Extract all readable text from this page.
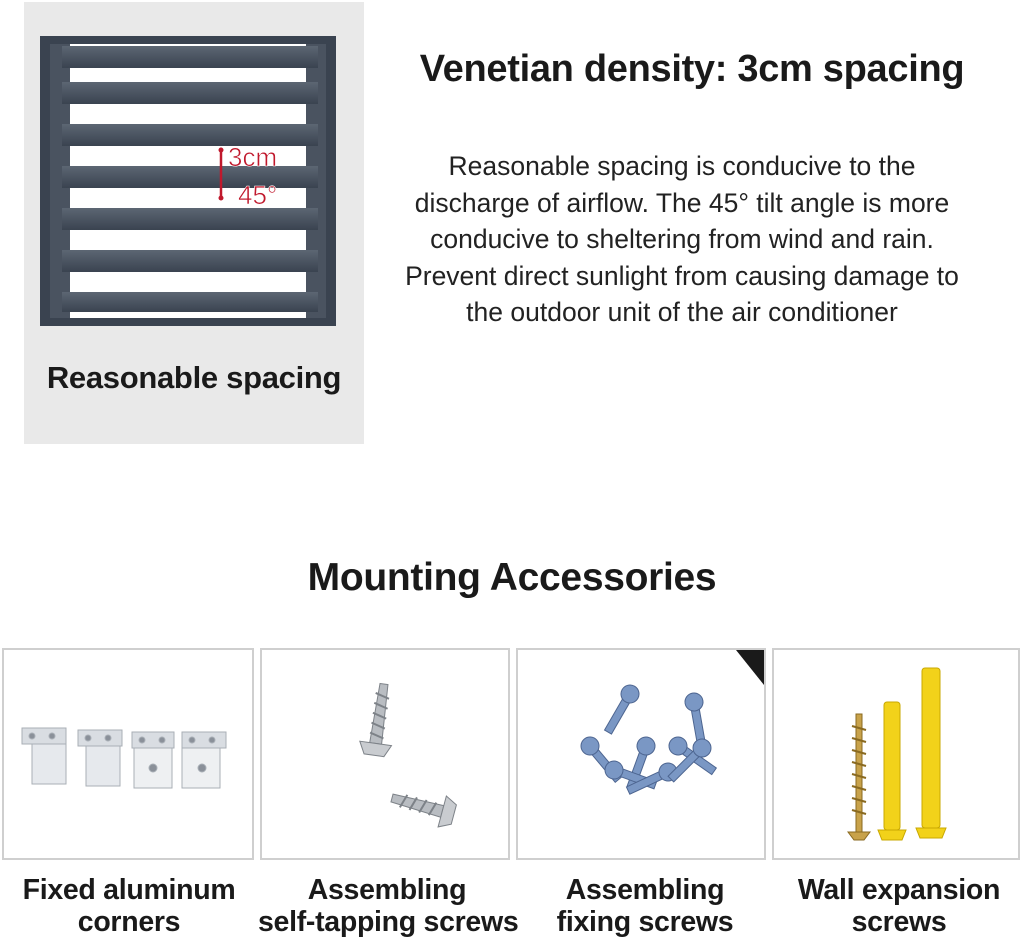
3cm
45°
Reasonable spacing
Venetian density: 3cm spacing
Reasonable spacing is conducive to the
discharge of airflow. The 45° tilt angle is more
conducive to sheltering from wind and rain.
Prevent direct sunlight from causing damage to
the outdoor unit of the air conditioner
Mounting Accessories
Fixed aluminum
corners
Assembling
self-tapping screws
Assembling
fixing screws
Wall expansion
screws
